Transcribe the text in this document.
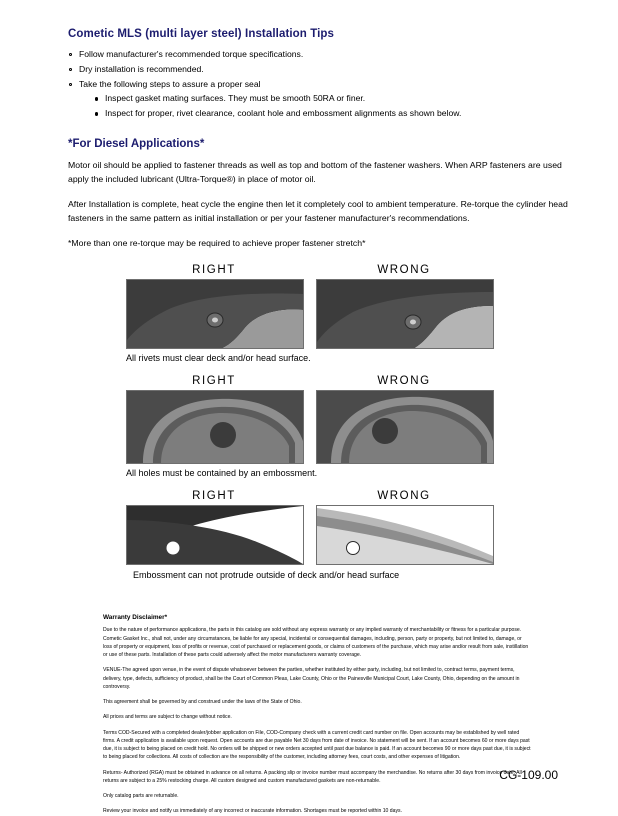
Cometic MLS (multi layer steel) Installation Tips
Follow manufacturer's recommended torque specifications.
Dry installation is recommended.
Take the following steps to assure a proper seal
Inspect gasket mating surfaces. They must be smooth 50RA or finer.
Inspect for proper, rivet clearance, coolant hole and embossment alignments as shown below.
*For Diesel Applications*

Motor oil should be applied to fastener threads as well as top and bottom of the fastener washers. When ARP fasteners are used apply the included lubricant (Ultra-Torque®) in place of motor oil.

After Installation is complete, heat cycle the engine then let it completely cool to ambient temperature. Re-torque the cylinder head fasteners in the same pattern as initial installation or per your fastener manufacturer's recommendations.

*More than one re-torque may be required to achieve proper fastener stretch*

RIGHT	WRONG
All rivets must clear deck and/or head surface.

RIGHT	WRONG
All holes must be contained by an embossment.
RIGHT	WRONG
Embossment can not protrude outside of deck and/or head surface
Warranty Disclaimer*

Due to the nature of performance applications, the parts in this catalog are sold without any express warranty or any implied warranty of merchantability or fitness for a particular purpose. Cometic Gasket Inc., shall not, under any circumstances, be liable for any special, incidental or consequential damages, including, person, party or property, but not limited to, damage, or loss of property or equipment, loss of profits or revenue, cost of purchased or replacement goods, or claims of customers of the purchase, which may arise and/or result from sale, instillation or use of these parts. Installation of these parts could adversely affect the motor manufacturers warranty coverage.

VENUE-The agreed upon venue, in the event of dispute whatsoever between the parties, whether instituted by either party, including, but not limited to, contract terms, payment terms, delivery, type, defects, sufficiency of product, shall be the Court of Common Pleas, Lake County, Ohio or the Painesville Municipal Court, Lake County, Ohio, depending on the amount in controversy.

This agreement shall be governed by and construed under the laws of the State of Ohio.

All prices and terms are subject to change without notice.

Terms COD-Secured with a completed dealer/jobber application on File, COD-Company check with a current credit card number on file. Open accounts may be established by well rated firms. A credit application is available upon request. Open accounts are due payable Net 30 days from date of invoice. No statement will be sent. If an account becomes 60 or more days past due, it is subject to being placed on credit hold. No orders will be shipped or new orders accepted until past due balance is paid. If an account becomes 90 or more days past due, it is subject to being placed for collections. All costs of collection are the responsibility of the customer, including attorney fees, court costs, and other expenses of litigation.

Returns- Authorized (RGA) must be obtained in advance on all returns. A packing slip or invoice number must accompany the merchandise. No returns after 30 days from invoice date. All returns are subject to a 25% restocking charge. All custom designed and custom manufactured gaskets are non-returnable.

Only catalog parts are returnable.

Review your invoice and notify us immediately of any incorrect or inaccurate information. Shortages must be reported within 10 days.

CG-109.00
